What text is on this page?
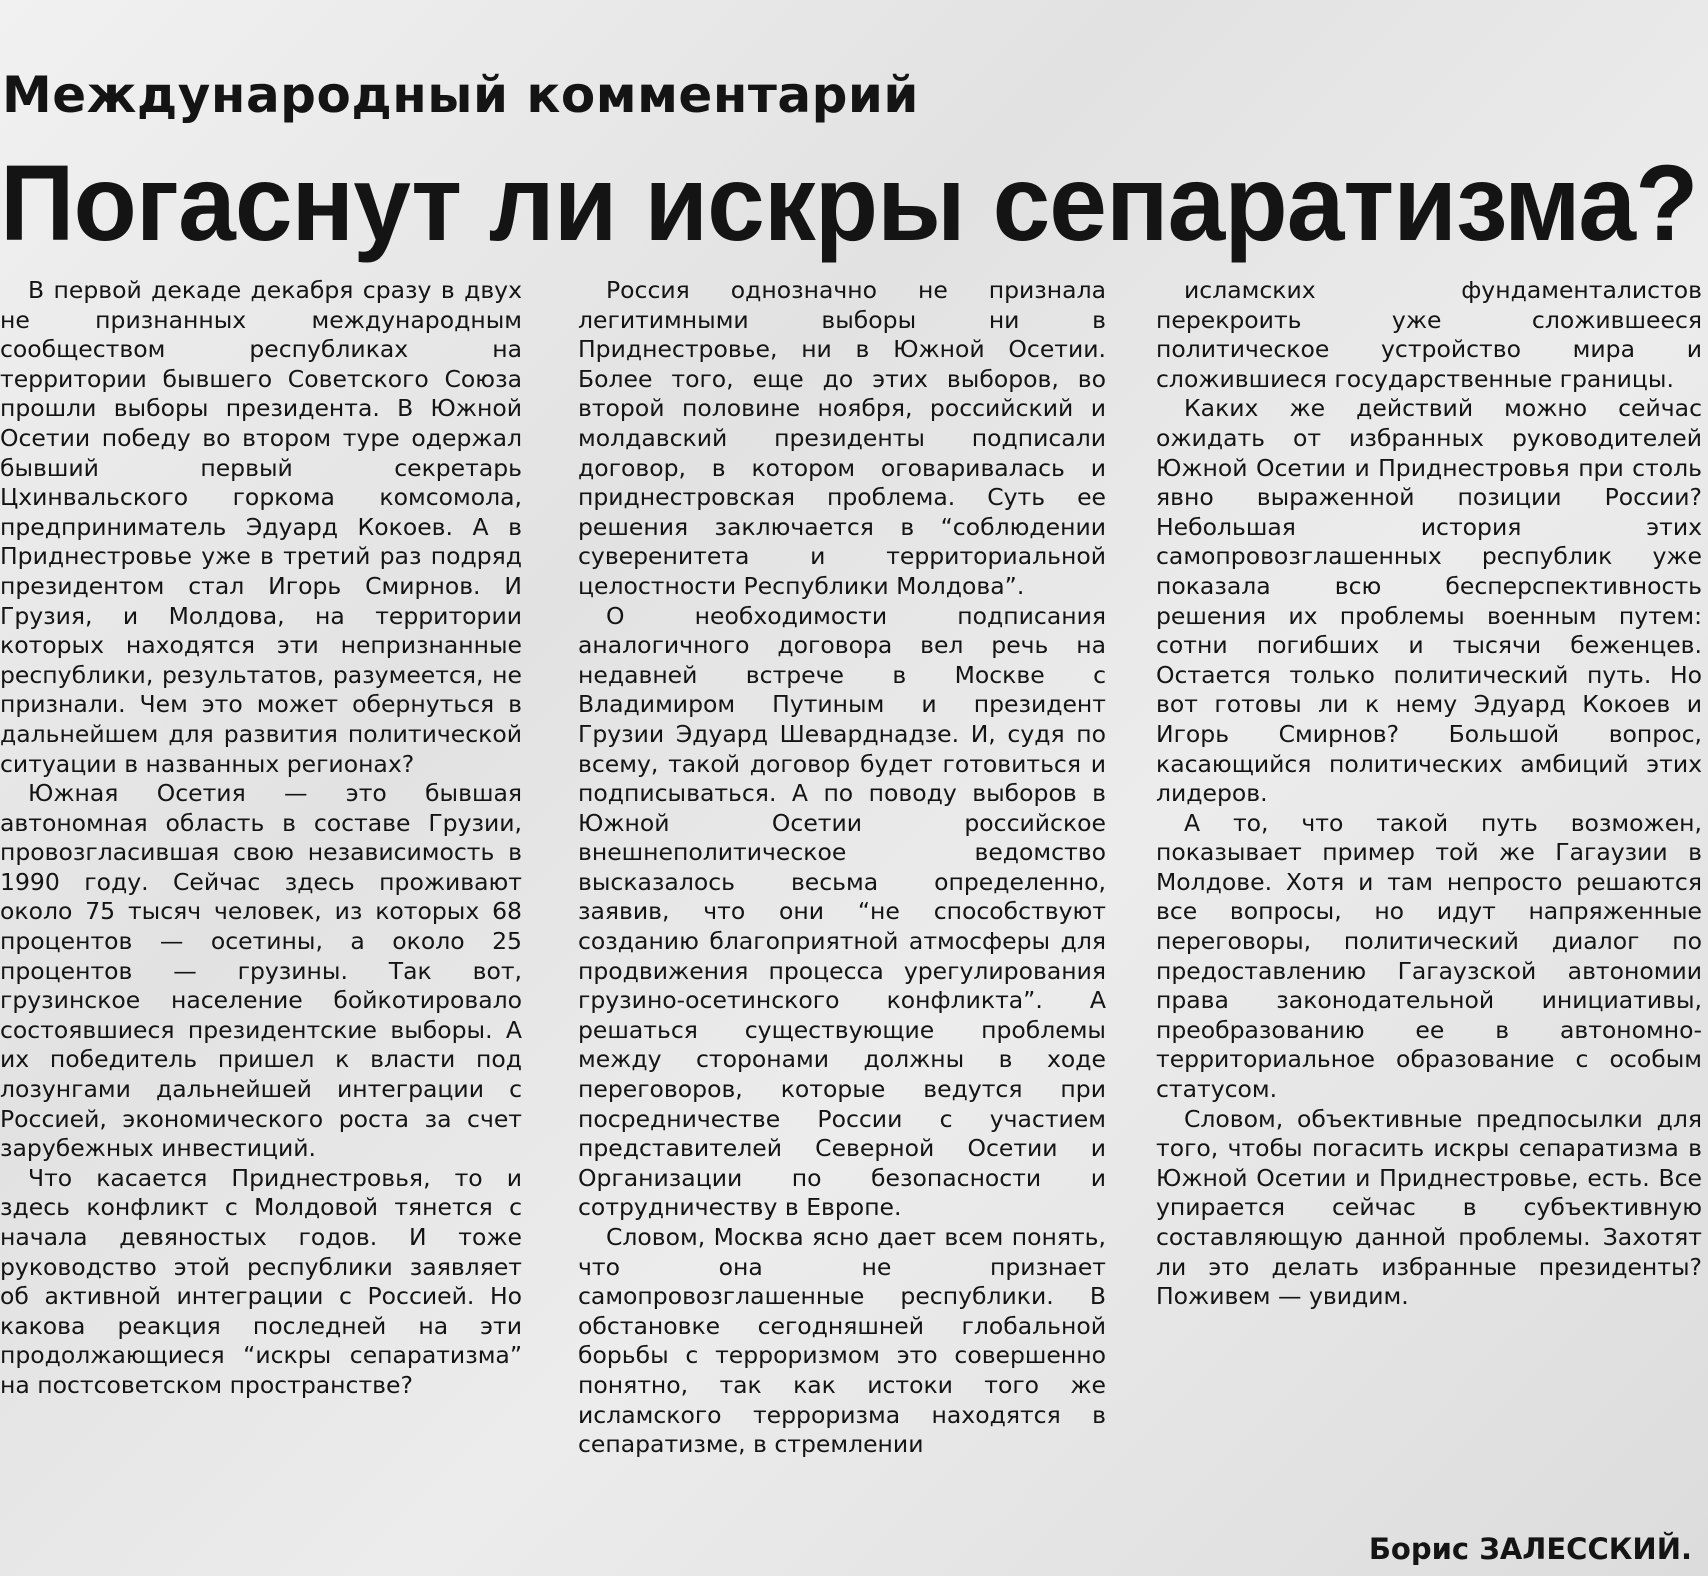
Международный комментарий
Погаснут ли искры сепаратизма?

В первой декаде декабря сразу в двух не признанных международным сообществом республиках на территории бывшего Советского Союза прошли выборы президента. В Южной Осетии победу во втором туре одержал бывший первый секретарь Цхинвальского горкома комсомола, предприниматель Эдуард Кокоев. А в Приднестровье уже в третий раз подряд президентом стал Игорь Смирнов. И Грузия, и Молдова, на территории которых находятся эти непризнанные республики, результатов, разумеется, не признали. Чем это может обернуться в дальнейшем для развития политической ситуации в названных регионах?

Южная Осетия — это бывшая автономная область в составе Грузии, провозгласившая свою независимость в 1990 году. Сейчас здесь проживают около 75 тысяч человек, из которых 68 процентов — осетины, а около 25 процентов — грузины. Так вот, грузинское население бойкотировало состоявшиеся президентские выборы. А их победитель пришел к власти под лозунгами дальнейшей интеграции с Россией, экономического роста за счет зарубежных инвестиций.

Что касается Приднестровья, то и здесь конфликт с Молдовой тянется с начала девяностых годов. И тоже руководство этой республики заявляет об активной интеграции с Россией. Но какова реакция последней на эти продолжающиеся “искры сепаратизма” на постсоветском пространстве?

Россия однозначно не признала легитимными выборы ни в Приднестровье, ни в Южной Осетии. Более того, еще до этих выборов, во второй половине ноября, российский и молдавский президенты подписали договор, в котором оговаривалась и приднестровская проблема. Суть ее решения заключается в “соблюдении суверенитета и территориальной целостности Республики Молдова”.

О необходимости подписания аналогичного договора вел речь на недавней встрече в Москве с Владимиром Путиным и президент Грузии Эдуард Шеварднадзе. И, судя по всему, такой договор будет готовиться и подписываться. А по поводу выборов в Южной Осетии российское внешнеполитическое ведомство высказалось весьма определенно, заявив, что они “не способствуют созданию благоприятной атмосферы для продвижения процесса урегулирования грузино-осетинского конфликта”. А решаться существующие проблемы между сторонами должны в ходе переговоров, которые ведутся при посредничестве России с участием представителей Северной Осетии и Организации по безопасности и сотрудничеству в Европе.

Словом, Москва ясно дает всем понять, что она не признает самопровозглашенные республики. В обстановке сегодняшней глобальной борьбы с терроризмом это совершенно понятно, так как истоки того же исламского терроризма находятся в сепаратизме, в стремлении

исламских фундаменталистов перекроить уже сложившееся политическое устройство мира и сложившиеся государственные границы.

Каких же действий можно сейчас ожидать от избранных руководителей Южной Осетии и Приднестровья при столь явно выраженной позиции России? Небольшая история этих самопровозглашенных республик уже показала всю бесперспективность решения их проблемы военным путем: сотни погибших и тысячи беженцев. Остается только политический путь. Но вот готовы ли к нему Эдуард Кокоев и Игорь Смирнов? Большой вопрос, касающийся политических амбиций этих лидеров.

А то, что такой путь возможен, показывает пример той же Гагаузии в Молдове. Хотя и там непросто решаются все вопросы, но идут напряженные переговоры, политический диалог по предоставлению Гагаузской автономии права законодательной инициативы, преобразованию ее в автономно-территориальное образование с особым статусом.

Словом, объективные предпосылки для того, чтобы погасить искры сепаратизма в Южной Осетии и Приднестровье, есть. Все упирается сейчас в субъективную составляющую данной проблемы. Захотят ли это делать избранные президенты? Поживем — увидим.

Борис ЗАЛЕССКИЙ.
